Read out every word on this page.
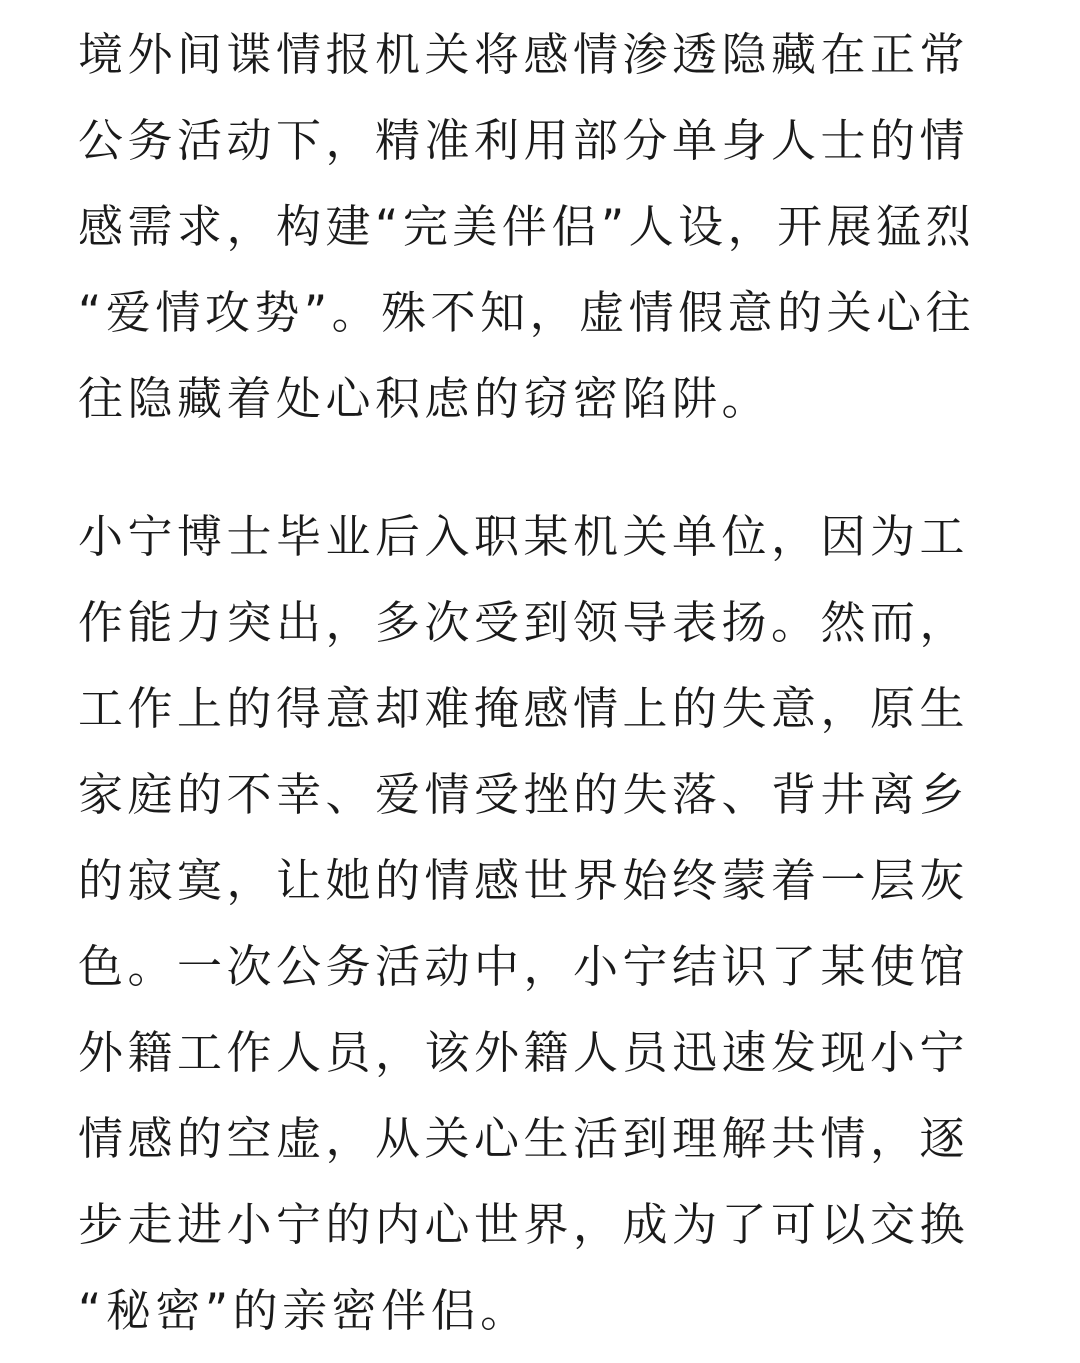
境外间谍情报机关将感情渗透隐藏在正常
公务活动下，精准利用部分单身人士的情
感需求，构建“完美伴侣”人设，开展猛烈
“爱情攻势”。殊不知，虚情假意的关心往
往隐藏着处心积虑的窃密陷阱。

小宁博士毕业后入职某机关单位，因为工
作能力突出，多次受到领导表扬。然而，
工作上的得意却难掩感情上的失意，原生
家庭的不幸、爱情受挫的失落、背井离乡
的寂寞，让她的情感世界始终蒙着一层灰
色。一次公务活动中，小宁结识了某使馆
外籍工作人员，该外籍人员迅速发现小宁
情感的空虚，从关心生活到理解共情，逐
步走进小宁的内心世界，成为了可以交换
“秘密”的亲密伴侣。
